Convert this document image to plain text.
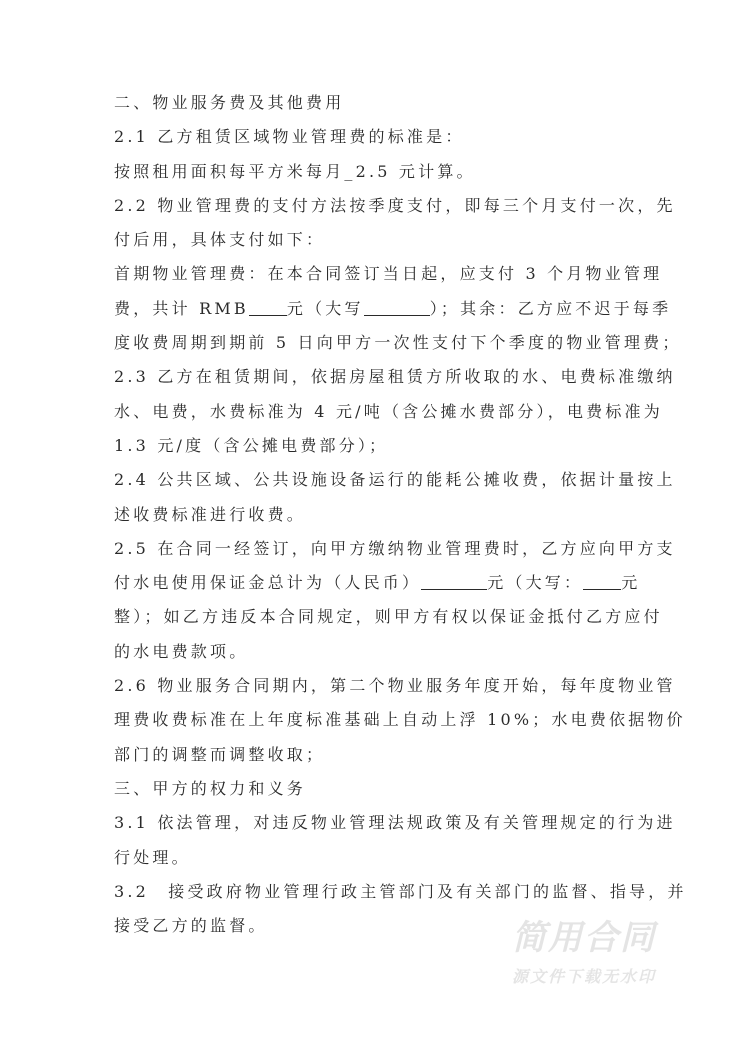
二、物业服务费及其他费用

2.1 乙方租赁区域物业管理费的标准是：

按照租用面积每平方米每月_2.5 元计算。

2.2 物业管理费的支付方法按季度支付，即每三个月支付一次，先

付后用，具体支付如下：

首期物业管理费：在本合同签订当日起，应支付 3 个月物业管理

费，共计 RMB 元（大写	）；其余：乙方应不迟于每季

度收费周期到期前 5 日向甲方一次性支付下个季度的物业管理费；

2.3 乙方在租赁期间，依据房屋租赁方所收取的水、电费标准缴纳

水、电费，水费标准为 4 元/吨（含公摊水费部分），电费标准为

1.3 元/度（含公摊电费部分）；

2.4 公共区域、公共设施设备运行的能耗公摊收费，依据计量按上

述收费标准进行收费。

2.5 在合同一经签订，向甲方缴纳物业管理费时，乙方应向甲方支

付水电使用保证金总计为（人民币）	元（大写： 元

整）；如乙方违反本合同规定，则甲方有权以保证金抵付乙方应付

的水电费款项。

2.6 物业服务合同期内，第二个物业服务年度开始，每年度物业管

理费收费标准在上年度标准基础上自动上浮 10%；水电费依据物价

部门的调整而调整收取；

三、甲方的权力和义务

3.1 依法管理，对违反物业管理法规政策及有关管理规定的行为进

行处理。

3.2　接受政府物业管理行政主管部门及有关部门的监督、指导，并

接受乙方的监督。	简用合同
源文件下载无水印
